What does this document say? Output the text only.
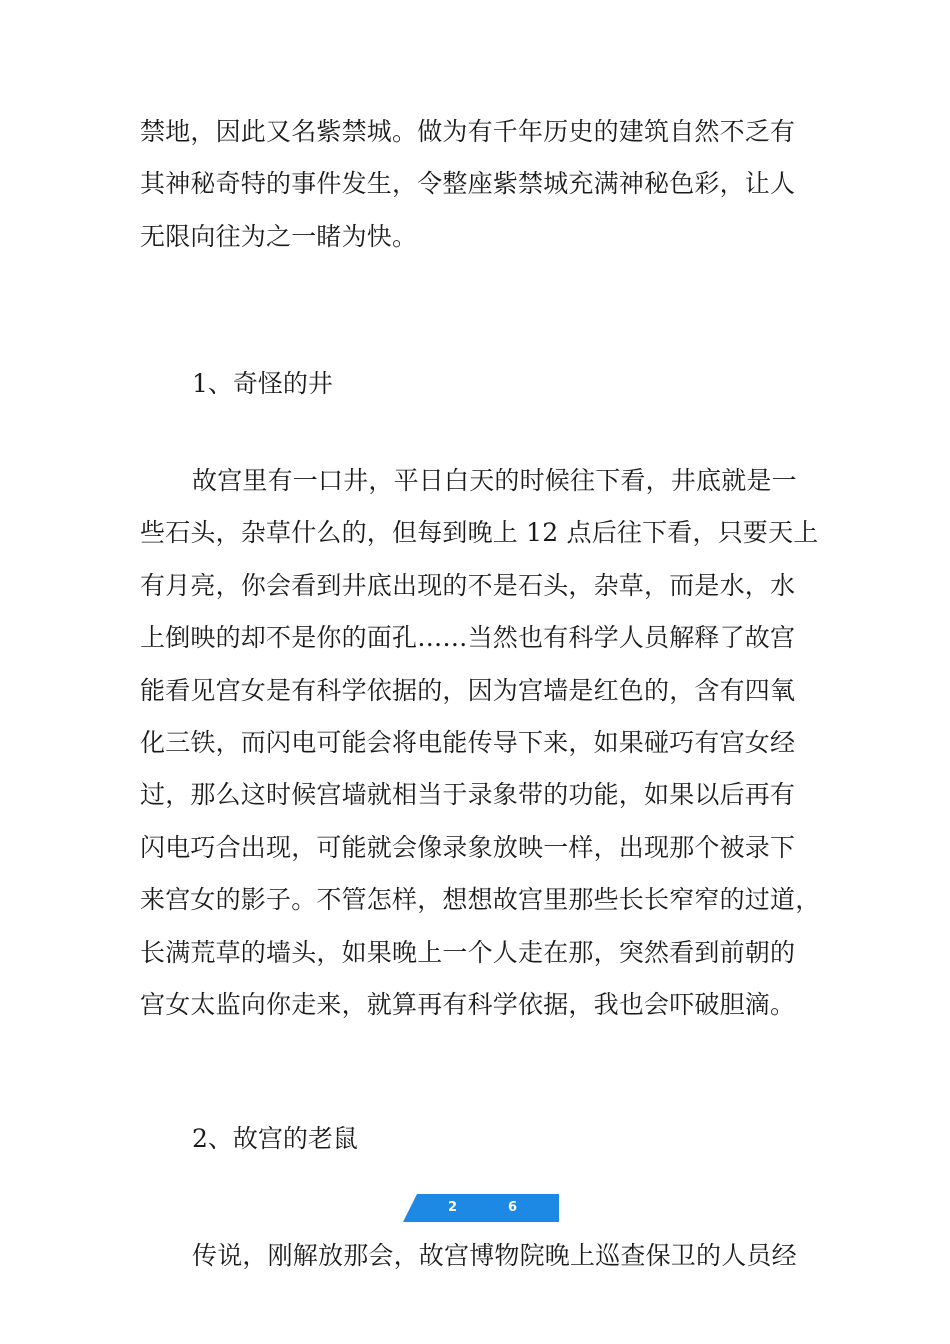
禁地，因此又名紫禁城。做为有千年历史的建筑自然不乏有
其神秘奇特的事件发生，令整座紫禁城充满神秘色彩，让人
无限向往为之一睹为快。

1、奇怪的井

故宫里有一口井，平日白天的时候往下看，井底就是一
些石头，杂草什么的，但每到晚上 12 点后往下看，只要天上
有月亮，你会看到井底出现的不是石头，杂草，而是水，水
上倒映的却不是你的面孔……当然也有科学人员解释了故宫
能看见宫女是有科学依据的，因为宫墙是红色的，含有四氧
化三铁，而闪电可能会将电能传导下来，如果碰巧有宫女经
过，那么这时候宫墙就相当于录象带的功能，如果以后再有
闪电巧合出现，可能就会像录象放映一样，出现那个被录下
来宫女的影子。不管怎样，想想故宫里那些长长窄窄的过道，
长满荒草的墙头，如果晚上一个人走在那，突然看到前朝的
宫女太监向你走来，就算再有科学依据，我也会吓破胆滴。

2、故宫的老鼠

2	6
传说，刚解放那会，故宫博物院晚上巡查保卫的人员经
